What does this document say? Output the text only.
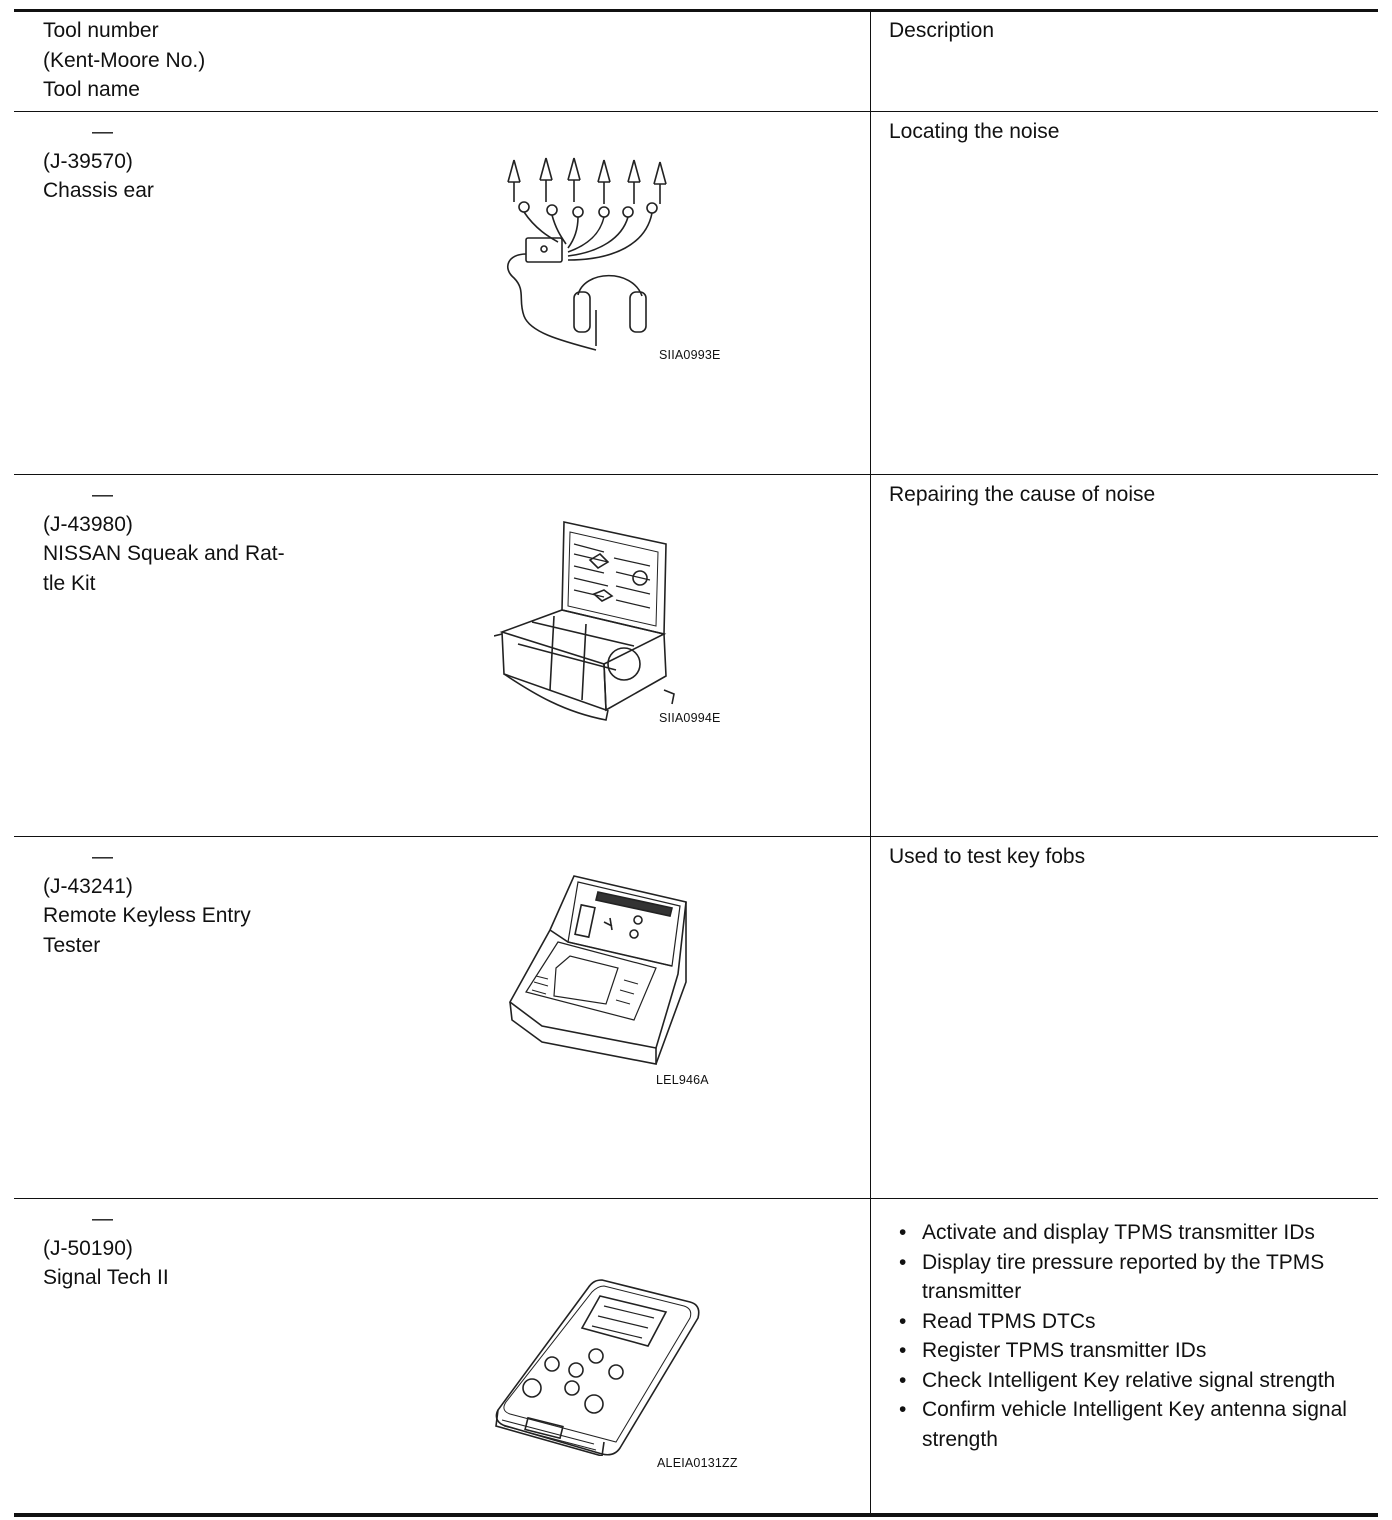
Tool number
(Kent-Moore No.)
Tool name
Description
—
(J-39570)
Chassis ear
SIIA0993E
Locating the noise
—
(J-43980)
NISSAN Squeak and Rat-
tle Kit
SIIA0994E
Repairing the cause of noise
—
(J-43241)
Remote Keyless Entry
Tester
LEL946A
Used to test key fobs
—
(J-50190)
Signal Tech II
ALEIA0131ZZ
• Activate and display TPMS transmitter IDs
• Display tire pressure reported by the TPMS transmitter
• Read TPMS DTCs
• Register TPMS transmitter IDs
• Check Intelligent Key relative signal strength
• Confirm vehicle Intelligent Key antenna signal strength
